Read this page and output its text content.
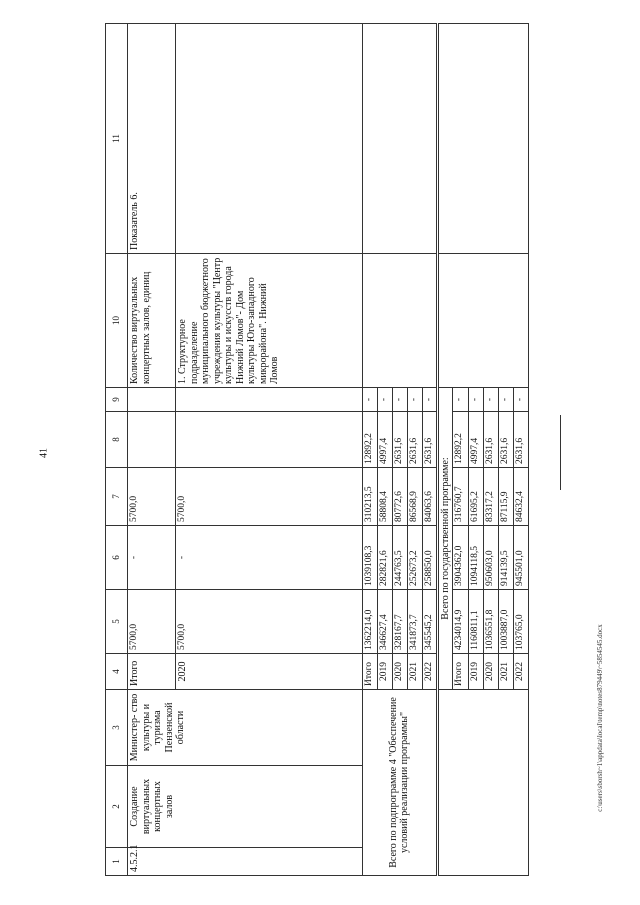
41
c:\users\sborsh~1\appdata\local\temp\notes879449\~5854545.docx
1	2	3	4	5	6	7	8	9	10	11
4.5.2.1	Создание виртуальных концертных залов	Министер- ство культуры и туризма Пензенской области	Итого	5700,0	-	5700,0			Количество виртуальных концертных залов, единиц	Показатель 6.
			2020	5700,0	-	5700,0			1. Структурное подразделение муниципального бюджетного учреждения культуры "Центр культуры и искусств города Нижний Ломов"- Дом культуры Юго-западного микрорайона". Нижний Ломов	
Всего по подпрограмме 4 "Обеспечение условий реализации программы"			Итого	1362214,0	1039108,3	310213,5	12892,2	-		
			2019	346627,4	282821,6	58808,4	4997,4	-		
			2020	328167,7	244763,5	80772,6	2631,6	-		
			2021	341873,7	252673,2	86568,9	2631,6	-		
			2022	345545,2	258850,0	84063,6	2631,6	-		
			Всего по государственной программе:							
			Итого	4234014,9	3904362,0	316760,7	12892,2	-		
			2019	1160811,1	1094118,5	61695,2	4997,4	-		
			2020	1036551,8	950603,0	83317,2	2631,6	-		
			2021	1003887,0	914139,5	87115,9	2631,6	-		
			2022	103765,0	945501,0	84632,4	2631,6	-		
